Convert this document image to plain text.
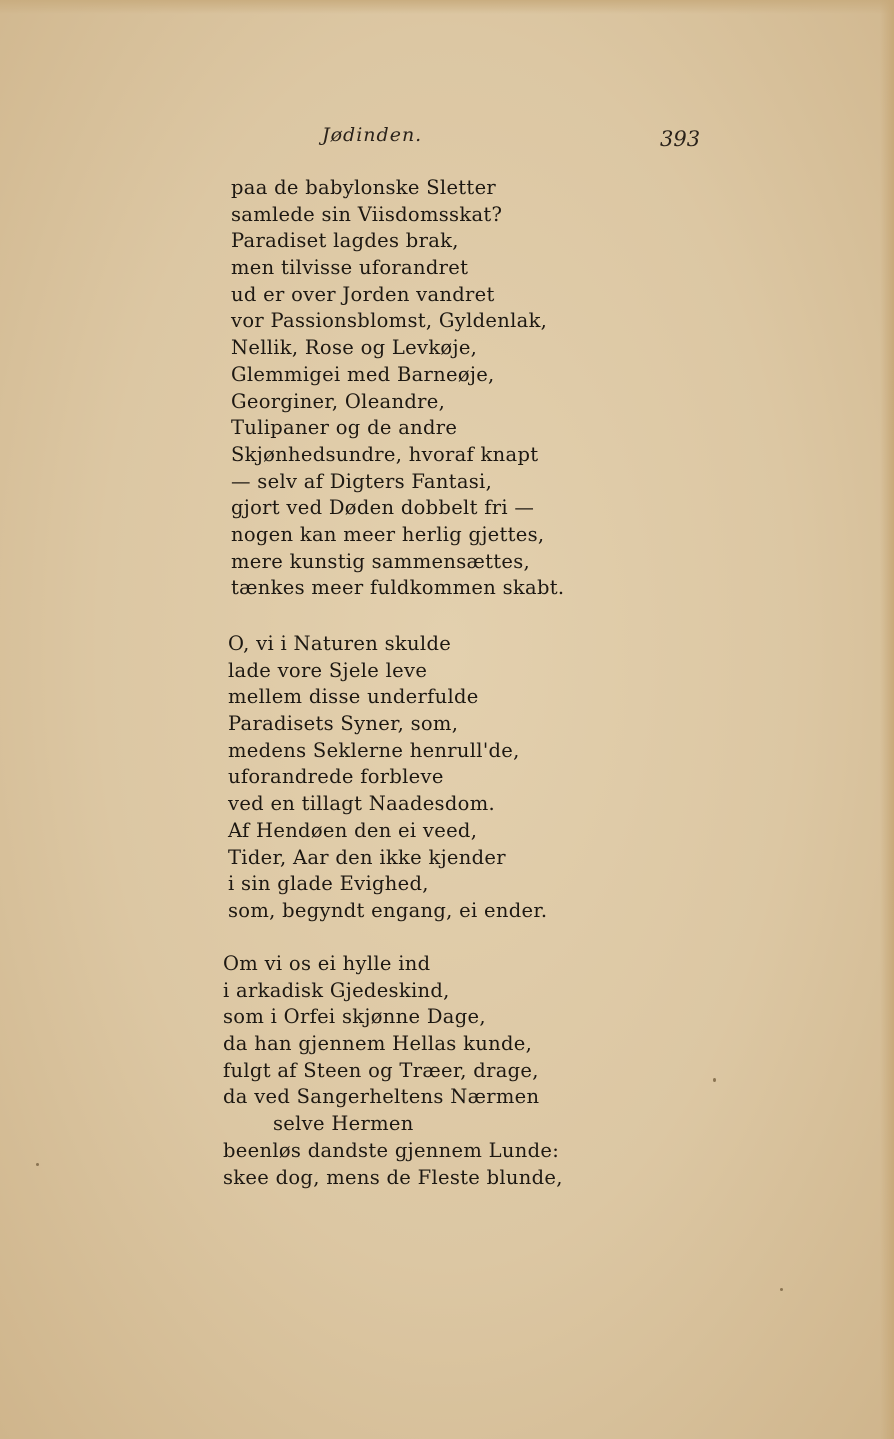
Jødinden.	393
paa de babylonske Sletter
samlede sin Viisdomsskat?
Paradiset lagdes brak,
men tilvisse uforandret
ud er over Jorden vandret
vor Passionsblomst, Gyldenlak,
Nellik, Rose og Levkøje,
Glemmigei med Barneøje,
Georginer, Oleandre,
Tulipaner og de andre
Skjønhedsundre, hvoraf knapt
— selv af Digters Fantasi,
gjort ved Døden dobbelt fri —
nogen kan meer herlig gjettes,
mere kunstig sammensættes,
tænkes meer fuldkommen skabt.
O, vi i Naturen skulde
lade vore Sjele leve
mellem disse underfulde
Paradisets Syner, som,
medens Seklerne henrull'de,
uforandrede forbleve
ved en tillagt Naadesdom.
Af Hendøen den ei veed,
Tider, Aar den ikke kjender
i sin glade Evighed,
som, begyndt engang, ei ender.
Om vi os ei hylle ind
i arkadisk Gjedeskind,
som i Orfei skjønne Dage,
da han gjennem Hellas kunde,
fulgt af Steen og Træer, drage,
da ved Sangerheltens Nærmen
selve Hermen
beenløs dandste gjennem Lunde:
skee dog, mens de Fleste blunde,
